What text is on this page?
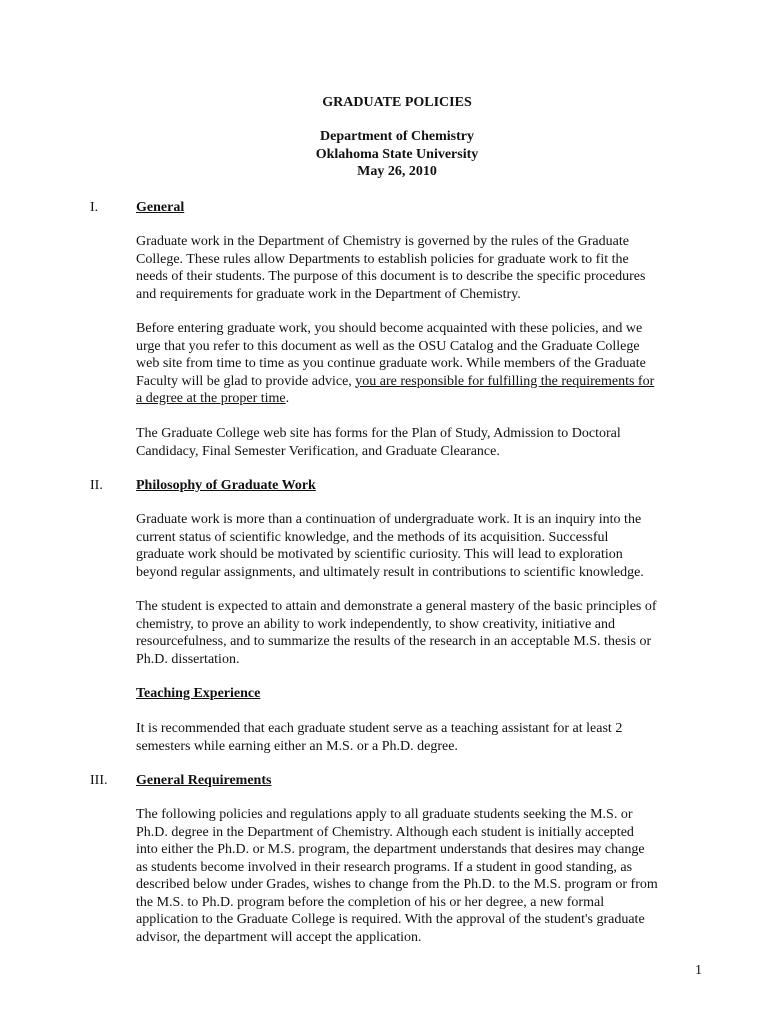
GRADUATE POLICIES
Department of Chemistry
Oklahoma State University
May 26, 2010
I.	General
Graduate work in the Department of Chemistry is governed by the rules of the Graduate
College. These rules allow Departments to establish policies for graduate work to fit the
needs of their students. The purpose of this document is to describe the specific procedures
and requirements for graduate work in the Department of Chemistry.
Before entering graduate work, you should become acquainted with these policies, and we
urge that you refer to this document as well as the OSU Catalog and the Graduate College
web site from time to time as you continue graduate work. While members of the Graduate
Faculty will be glad to provide advice, you are responsible for fulfilling the requirements for
a degree at the proper time.
The Graduate College web site has forms for the Plan of Study, Admission to Doctoral
Candidacy, Final Semester Verification, and Graduate Clearance.
II. Philosophy of Graduate Work
Graduate work is more than a continuation of undergraduate work. It is an inquiry into the
current status of scientific knowledge, and the methods of its acquisition. Successful
graduate work should be motivated by scientific curiosity. This will lead to exploration
beyond regular assignments, and ultimately result in contributions to scientific knowledge.
The student is expected to attain and demonstrate a general mastery of the basic principles of
chemistry, to prove an ability to work independently, to show creativity, initiative and
resourcefulness, and to summarize the results of the research in an acceptable M.S. thesis or
Ph.D. dissertation.
Teaching Experience
It is recommended that each graduate student serve as a teaching assistant for at least 2
semesters while earning either an M.S. or a Ph.D. degree.
III. General Requirements
The following policies and regulations apply to all graduate students seeking the M.S. or
Ph.D. degree in the Department of Chemistry. Although each student is initially accepted
into either the Ph.D. or M.S. program, the department understands that desires may change
as students become involved in their research programs. If a student in good standing, as
described below under Grades, wishes to change from the Ph.D. to the M.S. program or from
the M.S. to Ph.D. program before the completion of his or her degree, a new formal
application to the Graduate College is required. With the approval of the student's graduate
advisor, the department will accept the application.
1
